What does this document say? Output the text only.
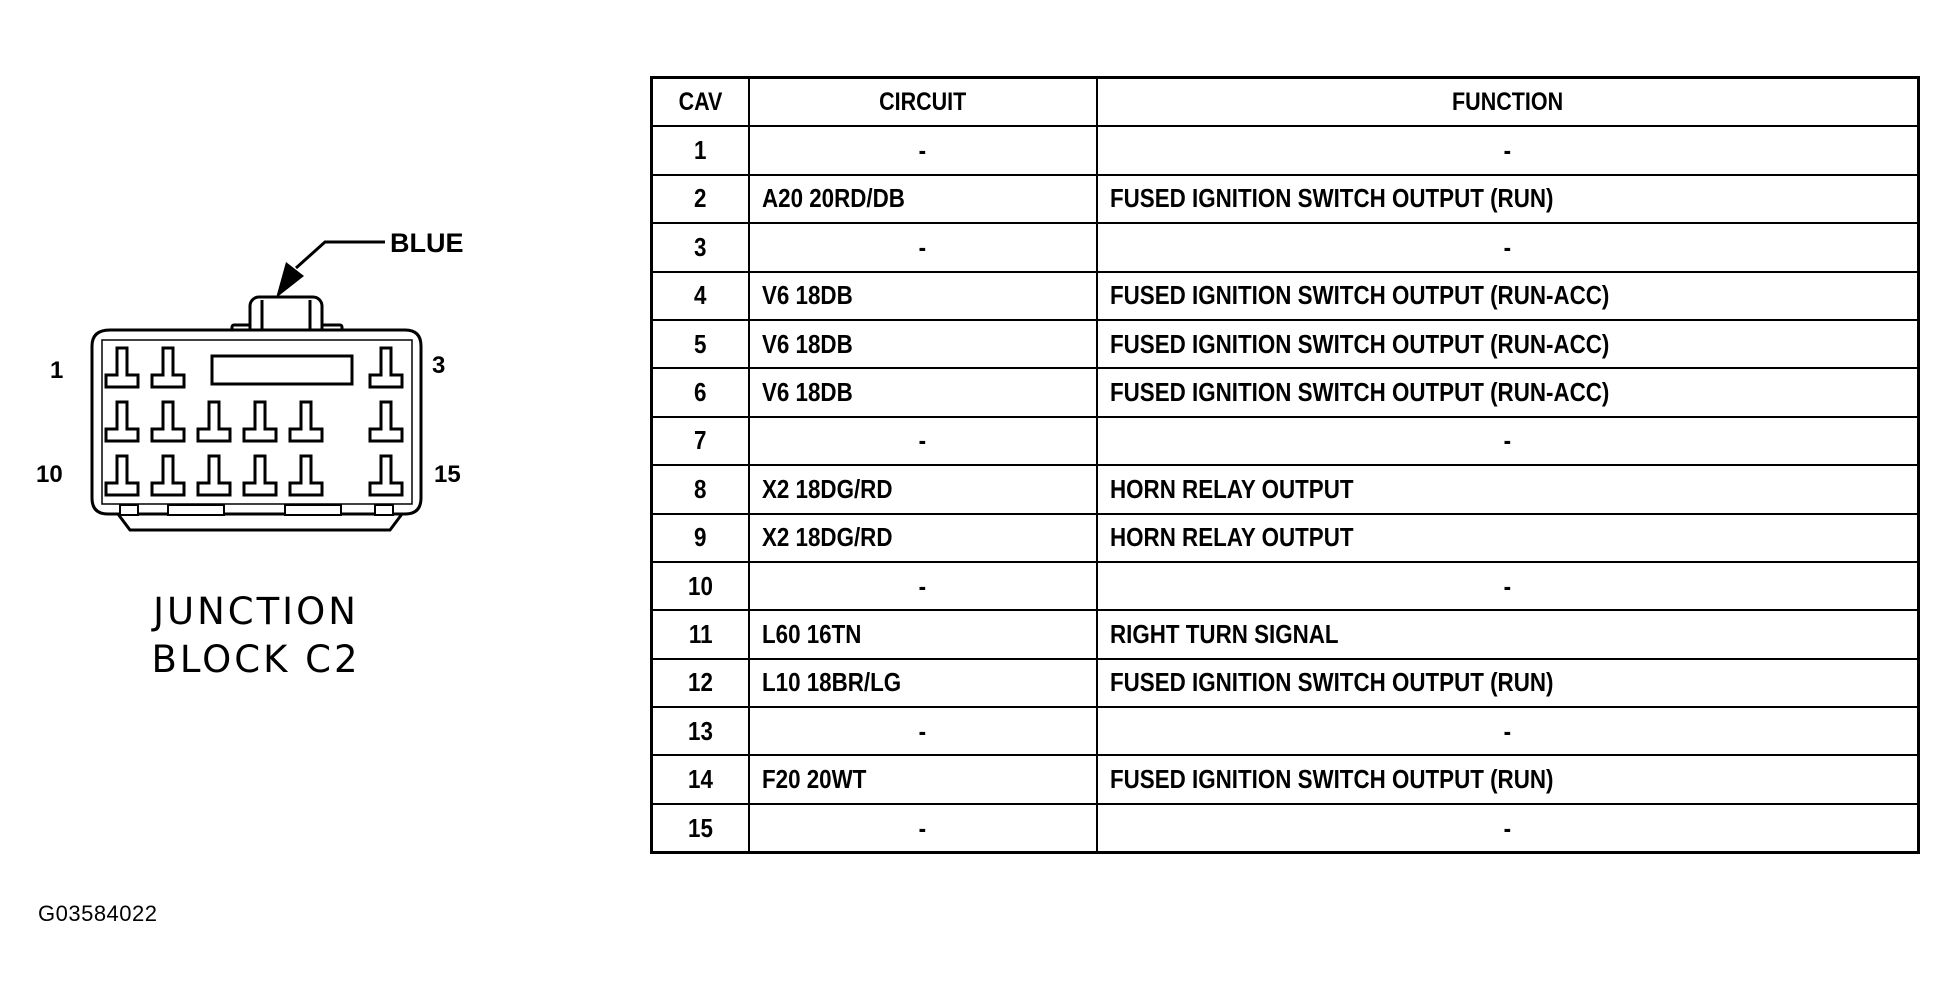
BLUE
1	3
10	15
JUNCTION
BLOCK C2
G03584022
CAV	CIRCUIT	FUNCTION
1	-	-
2	A20 20RD/DB	FUSED IGNITION SWITCH OUTPUT (RUN)
3	-	-
4	V6 18DB	FUSED IGNITION SWITCH OUTPUT (RUN-ACC)
5	V6 18DB	FUSED IGNITION SWITCH OUTPUT (RUN-ACC)
6	V6 18DB	FUSED IGNITION SWITCH OUTPUT (RUN-ACC)
7	-	-
8	X2 18DG/RD	HORN RELAY OUTPUT
9	X2 18DG/RD	HORN RELAY OUTPUT
10	-	-
11	L60 16TN	RIGHT TURN SIGNAL
12	L10 18BR/LG	FUSED IGNITION SWITCH OUTPUT (RUN)
13	-	-
14	F20 20WT	FUSED IGNITION SWITCH OUTPUT (RUN)
15	-	-
